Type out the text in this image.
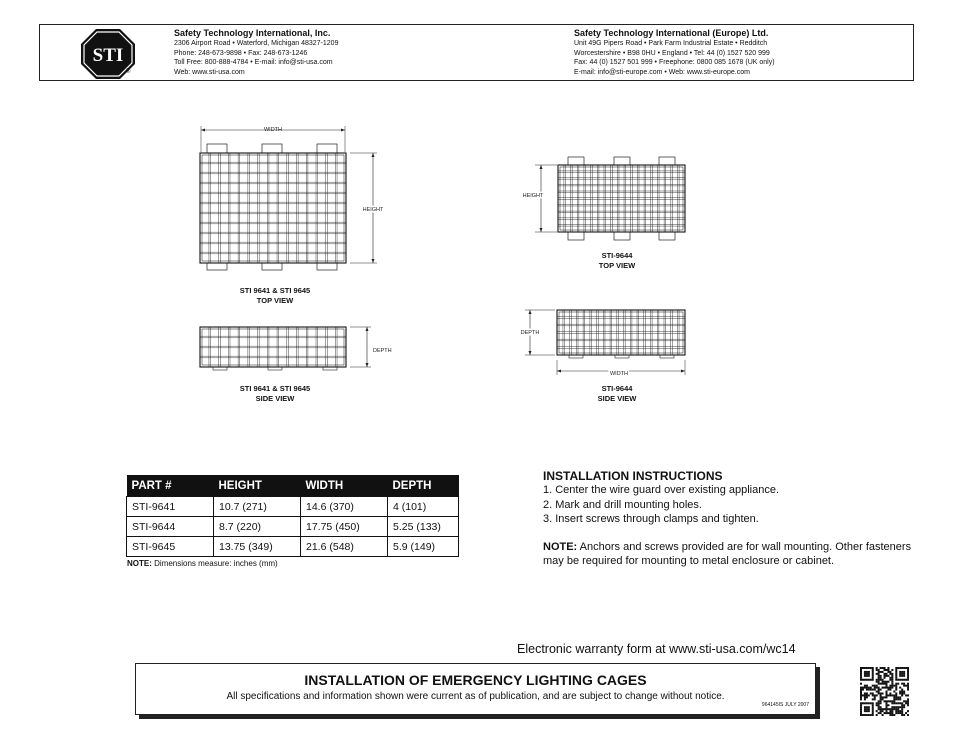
STI
®
Safety Technology International, Inc.
2306 Airport Road • Waterford, Michigan 48327-1209
Phone: 248-673-9898 • Fax: 248-673-1246
Toll Free: 800-888-4784 • E-mail: info@sti-usa.com
Web: www.sti-usa.com
Safety Technology International (Europe) Ltd.
Unit 49G Pipers Road • Park Farm Industrial Estate • Redditch
Worcestershire • B98 0HU • England • Tel: 44 (0) 1527 520 999
Fax: 44 (0) 1527 501 999 • Freephone: 0800 085 1678 (UK only)
E-mail: info@sti-europe.com • Web: www.sti-europe.com
WIDTH
HEIGHT
STI 9641 & STI 9645
TOP VIEW
DEPTH
STI 9641 & STI 9645
SIDE VIEW
HEIGHT
STI-9644
TOP VIEW
DEPTH
WIDTH
STI-9644
SIDE VIEW
PART #	HEIGHT	WIDTH	DEPTH
STI-9641	10.7 (271)	14.6 (370)	4 (101)
STI-9644	8.7 (220)	17.75 (450)	5.25 (133)
STI-9645	13.75 (349)	21.6 (548)	5.9 (149)
NOTE: Dimensions measure: inches (mm)
INSTALLATION INSTRUCTIONS
1. Center the wire guard over existing appliance.
2. Mark and drill mounting holes.
3. Insert screws through clamps and tighten.
NOTE: Anchors and screws provided are for wall mounting. Other fasteners may be required for mounting to metal enclosure or cabinet.
Electronic warranty form at www.sti-usa.com/wc14
INSTALLATION OF EMERGENCY LIGHTING CAGES
All specifications and information shown were current as of publication, and are subject to change without notice.
964145IS JULY 2007
